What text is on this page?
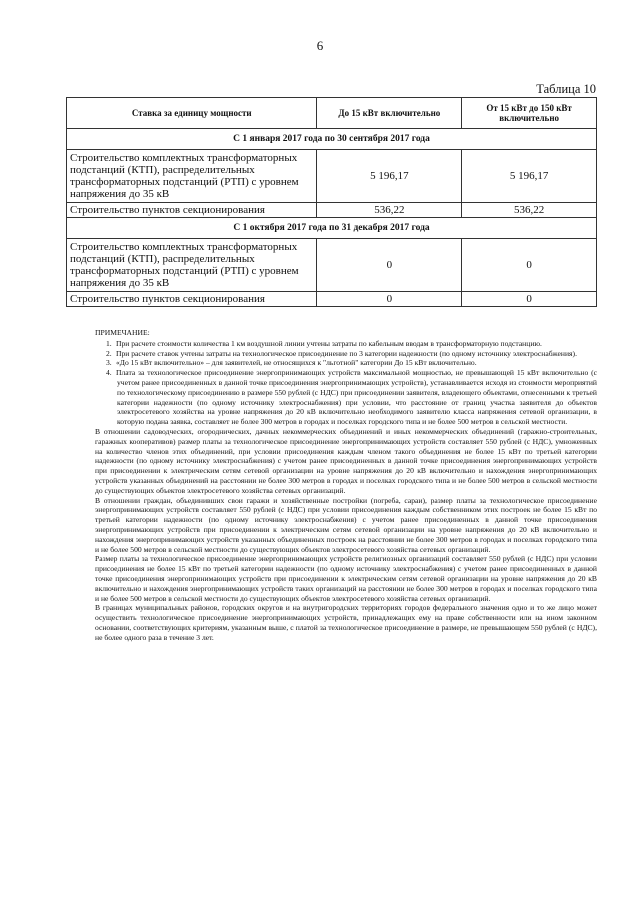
6
Таблица 10
Ставка за единицу мощности	До 15 кВт включительно	От 15 кВт до 150 кВт включительно
С 1 января 2017 года по 30 сентября 2017 года		
Строительство комплектных трансформаторных подстанций (КТП), распределительных трансформаторных подстанций (РТП) с уровнем напряжения до 35 кВ	5 196,17	5 196,17
Строительство пунктов секционирования	536,22	536,22
С 1 октября 2017 года по 31 декабря 2017 года		
Строительство комплектных трансформаторных подстанций (КТП), распределительных трансформаторных подстанций (РТП) с уровнем напряжения до 35 кВ	0	0
Строительство пунктов секционирования	0	0

ПРИМЕЧАНИЕ:

1. При расчете стоимости количества 1 км воздушной линии учтены затраты по кабельным вводам в трансформаторную подстанцию.

2. При расчете ставок учтены затраты на технологическое присоединение по 3 категории надежности (по одному источнику электроснабжения).

3. «До 15 кВт включительно» – для заявителей, не относящихся к "льготной" категории До 15 кВт включительно.

4. Плата за технологическое присоединение энергопринимающих устройств максимальной мощностью, не превышающей 15 кВт включительно (с учетом ранее присоединенных в данной точке присоединения энергопринимающих устройств), устанавливается исходя из стоимости мероприятий по технологическому присоединению в размере 550 рублей (с НДС) при присоединении заявителя, владеющего объектами, отнесенными к третьей категории надежности (по одному источнику электроснабжения) при условии, что расстояние от границ участка заявителя до объектов электросетевого хозяйства на уровне напряжения до 20 кВ включительно необходимого заявителю класса напряжения сетевой организации, в которую подана заявка, составляет не более 300 метров в городах и поселках городского типа и не более 500 метров в сельской местности.

В отношении садоводческих, огороднических, дачных некоммерческих объединений и иных некоммерческих объединений (гаражно-строительных, гаражных кооперативов) размер платы за технологическое присоединение энергопринимающих устройств составляет 550 рублей (с НДС), умноженных на количество членов этих объединений, при условии присоединения каждым членом такого объединения не более 15 кВт по третьей категории надежности (по одному источнику электроснабжения) с учетом ранее присоединенных в данной точке присоединения энергопринимающих устройств при присоединении к электрическим сетям сетевой организации на уровне напряжения до 20 кВ включительно и нахождения энергопринимающих устройств указанных объединений на расстоянии не более 300 метров в городах и поселках городского типа и не более 500 метров в сельской местности до существующих объектов электросетевого хозяйства сетевых организаций.

В отношении граждан, объединивших свои гаражи и хозяйственные постройки (погреба, сараи), размер платы за технологическое присоединение энергопринимающих устройств составляет 550 рублей (с НДС) при условии присоединения каждым собственником этих построек не более 15 кВт по третьей категории надежности (по одному источнику электроснабжения) с учетом ранее присоединенных в данной точке присоединения энергопринимающих устройств при присоединении к электрическим сетям сетевой организации на уровне напряжения до 20 кВ включительно и нахождения энергопринимающих устройств указанных объединенных построек на расстоянии не более 300 метров в городах и поселках городского типа и не более 500 метров в сельской местности до существующих объектов электросетевого хозяйства сетевых организаций.

Размер платы за технологическое присоединение энергопринимающих устройств религиозных организаций составляет 550 рублей (с НДС) при условии присоединения не более 15 кВт по третьей категории надежности (по одному источнику электроснабжения) с учетом ранее присоединенных в данной точке присоединения энергопринимающих устройств при присоединении к электрическим сетям сетевой организации на уровне напряжения до 20 кВ включительно и нахождения энергопринимающих устройств таких организаций на расстоянии не более 300 метров в городах и поселках городского типа и не более 500 метров в сельской местности до существующих объектов электросетевого хозяйства сетевых организаций.

В границах муниципальных районов, городских округов и на внутригородских территориях городов федерального значения одно и то же лицо может осуществить технологическое присоединение энергопринимающих устройств, принадлежащих ему на праве собственности или на ином законном основании, соответствующих критериям, указанным выше, с платой за технологическое присоединение в размере, не превышающем 550 рублей (с НДС), не более одного раза в течение 3 лет.
